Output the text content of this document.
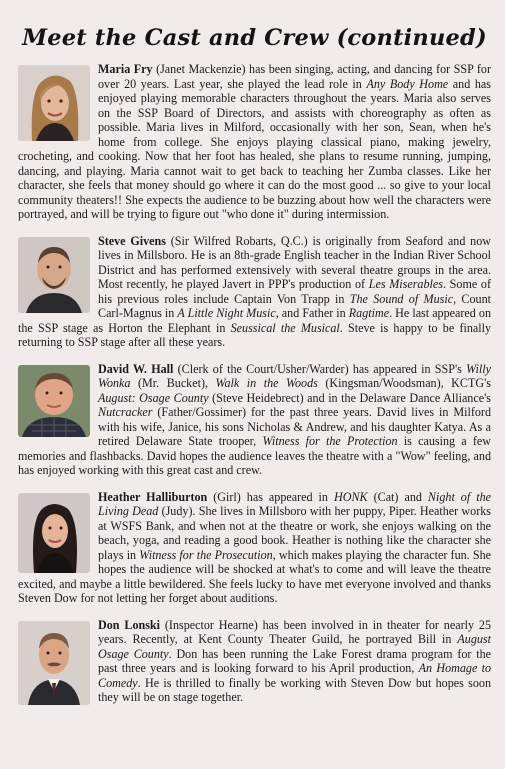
Meet the Cast and Crew (continued)
Maria Fry (Janet Mackenzie) has been singing, acting, and dancing for SSP for over 20 years. Last year, she played the lead role in Any Body Home and has enjoyed playing memorable characters throughout the years. Maria also serves on the SSP Board of Directors, and assists with choreography as often as possible. Maria lives in Milford, occasionally with her son, Sean, when he's home from college. She enjoys playing classical piano, making jewelry, crocheting, and cooking. Now that her foot has healed, she plans to resume running, jumping, dancing, and playing. Maria cannot wait to get back to teaching her Zumba classes. Like her character, she feels that money should go where it can do the most good ... so give to your local community theaters!! She expects the audience to be buzzing about how well the characters were portrayed, and will be trying to figure out "who done it" during intermission.
Steve Givens (Sir Wilfred Robarts, Q.C.) is originally from Seaford and now lives in Millsboro. He is an 8th-grade English teacher in the Indian River School District and has performed extensively with several theatre groups in the area. Most recently, he played Javert in PPP's production of Les Miserables. Some of his previous roles include Captain Von Trapp in The Sound of Music, Count Carl-Magnus in A Little Night Music, and Father in Ragtime. He last appeared on the SSP stage as Horton the Elephant in Seussical the Musical. Steve is happy to be finally returning to SSP stage after all these years.
David W. Hall (Clerk of the Court/Usher/Warder) has appeared in SSP's Willy Wonka (Mr. Bucket), Walk in the Woods (Kingsman/Woodsman), KCTG's August: Osage County (Steve Heidebrect) and in the Delaware Dance Alliance's Nutcracker (Father/Gossimer) for the past three years. David lives in Milford with his wife, Janice, his sons Nicholas & Andrew, and his daughter Katya. As a retired Delaware State trooper, Witness for the Protection is causing a few memories and flashbacks. David hopes the audience leaves the theatre with a "Wow" feeling, and has enjoyed working with this great cast and crew.
Heather Halliburton (Girl) has appeared in HONK (Cat) and Night of the Living Dead (Judy). She lives in Millsboro with her puppy, Piper. Heather works at WSFS Bank, and when not at the theatre or work, she enjoys walking on the beach, yoga, and reading a good book. Heather is nothing like the character she plays in Witness for the Prosecution, which makes playing the character fun. She hopes the audience will be shocked at what's to come and will leave the theatre excited, and maybe a little bewildered. She feels lucky to have met everyone involved and thanks Steven Dow for not letting her forget about auditions.
Don Lonski (Inspector Hearne) has been involved in in theater for nearly 25 years. Recently, at Kent County Theater Guild, he portrayed Bill in August Osage County. Don has been running the Lake Forest drama program for the past three years and is looking forward to his April production, An Homage to Comedy. He is thrilled to finally be working with Steven Dow but hopes soon they will be on stage together.
